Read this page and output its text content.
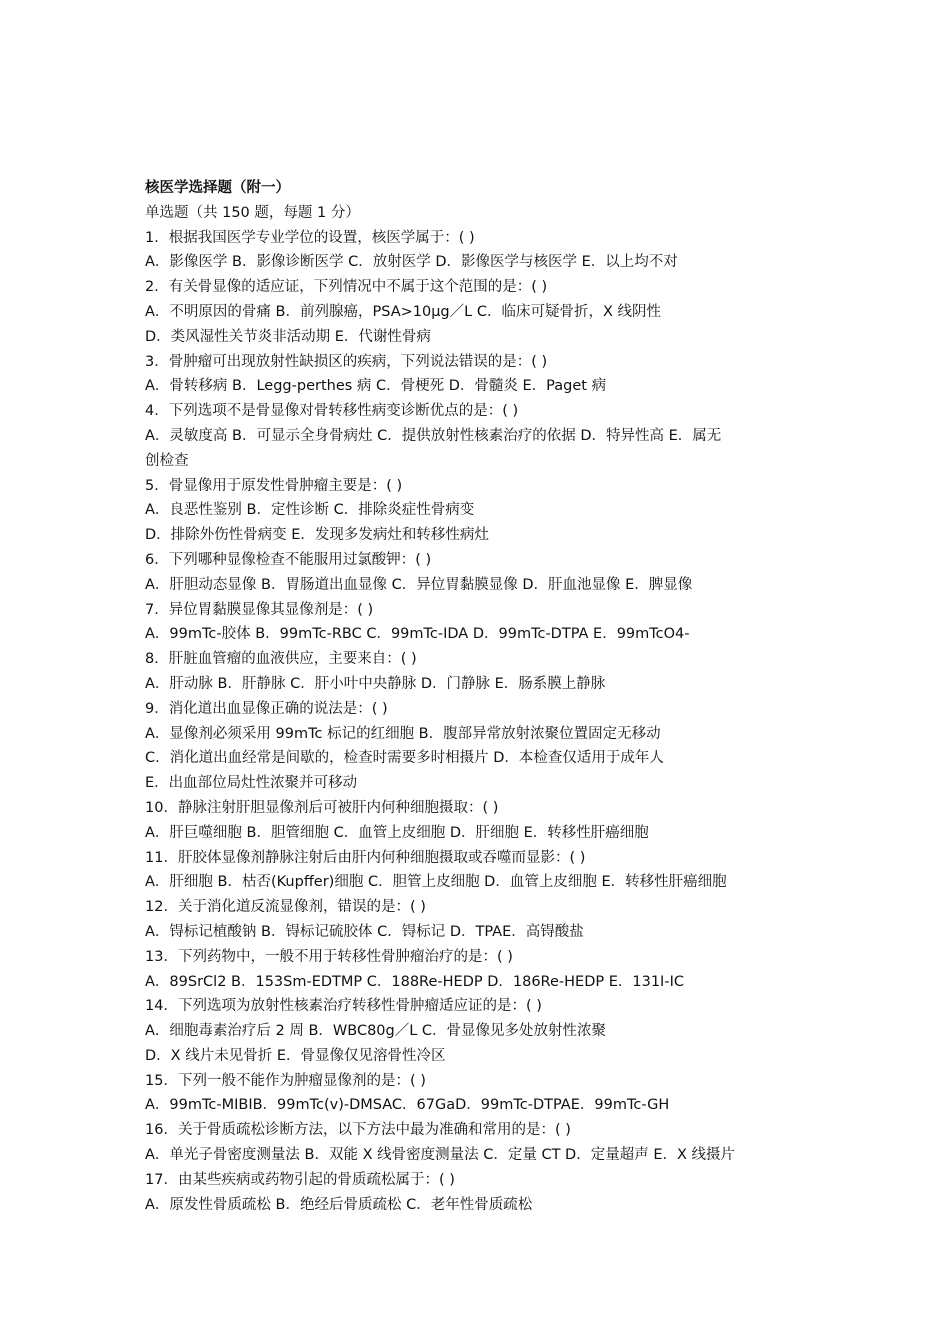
核医学选择题（附一）
单选题（共 150 题，每题 1 分）
1．根据我国医学专业学位的设置，核医学属于：( )
A．影像医学 B．影像诊断医学 C．放射医学 D．影像医学与核医学 E．以上均不对
2．有关骨显像的适应证，下列情况中不属于这个范围的是：( )
A．不明原因的骨痛 B．前列腺癌，PSA>10μg／L C．临床可疑骨折，X 线阴性
D．类风湿性关节炎非活动期 E．代谢性骨病
3．骨肿瘤可出现放射性缺损区的疾病，下列说法错误的是：( )
A．骨转移病 B．Legg-perthes 病 C．骨梗死 D．骨髓炎 E．Paget 病
4．下列选项不是骨显像对骨转移性病变诊断优点的是：( )
A．灵敏度高 B．可显示全身骨病灶 C．提供放射性核素治疗的依据 D．特异性高 E．属无
创检查
5．骨显像用于原发性骨肿瘤主要是：( )
A．良恶性鉴别 B．定性诊断 C．排除炎症性骨病变
D．排除外伤性骨病变 E．发现多发病灶和转移性病灶
6．下列哪种显像检查不能服用过氯酸钾：( )
A．肝胆动态显像 B．胃肠道出血显像 C．异位胃黏膜显像 D．肝血池显像 E．脾显像
7．异位胃黏膜显像其显像剂是：( )
A．99mTc-胶体 B．99mTc-RBC C．99mTc-IDA D．99mTc-DTPA E．99mTcO4-
8．肝脏血管瘤的血液供应，主要来自：( )
A．肝动脉 B．肝静脉 C．肝小叶中央静脉 D．门静脉 E．肠系膜上静脉
9．消化道出血显像正确的说法是：( )
A．显像剂必须采用 99mTc 标记的红细胞 B．腹部异常放射浓聚位置固定无移动
C．消化道出血经常是间歇的，检查时需要多时相摄片 D．本检查仅适用于成年人
E．出血部位局灶性浓聚并可移动
10．静脉注射肝胆显像剂后可被肝内何种细胞摄取：( )
A．肝巨噬细胞 B．胆管细胞 C．血管上皮细胞 D．肝细胞 E．转移性肝癌细胞
11．肝胶体显像剂静脉注射后由肝内何种细胞摄取或吞噬而显影：( )
A．肝细胞 B．枯否(Kupffer)细胞 C．胆管上皮细胞 D．血管上皮细胞 E．转移性肝癌细胞
12．关于消化道反流显像剂，错误的是：( )
A．锝标记植酸钠 B．锝标记硫胶体 C．锝标记 D．TPAE．高锝酸盐
13．下列药物中，一般不用于转移性骨肿瘤治疗的是：( )
A．89SrCl2 B．153Sm-EDTMP C．188Re-HEDP D．186Re-HEDP E．131I-IC
14．下列选项为放射性核素治疗转移性骨肿瘤适应证的是：( )
A．细胞毒素治疗后 2 周 B．WBC80g／L C．骨显像见多处放射性浓聚
D．X 线片未见骨折 E．骨显像仅见溶骨性冷区
15．下列一般不能作为肿瘤显像剂的是：( )
A．99mTc-MIBIB．99mTc(v)-DMSAC．67GaD．99mTc-DTPAE．99mTc-GH
16．关于骨质疏松诊断方法，以下方法中最为准确和常用的是：( )
A．单光子骨密度测量法 B．双能 X 线骨密度测量法 C．定量 CT D．定量超声 E．X 线摄片
17．由某些疾病或药物引起的骨质疏松属于：( )
A．原发性骨质疏松 B．绝经后骨质疏松 C．老年性骨质疏松
